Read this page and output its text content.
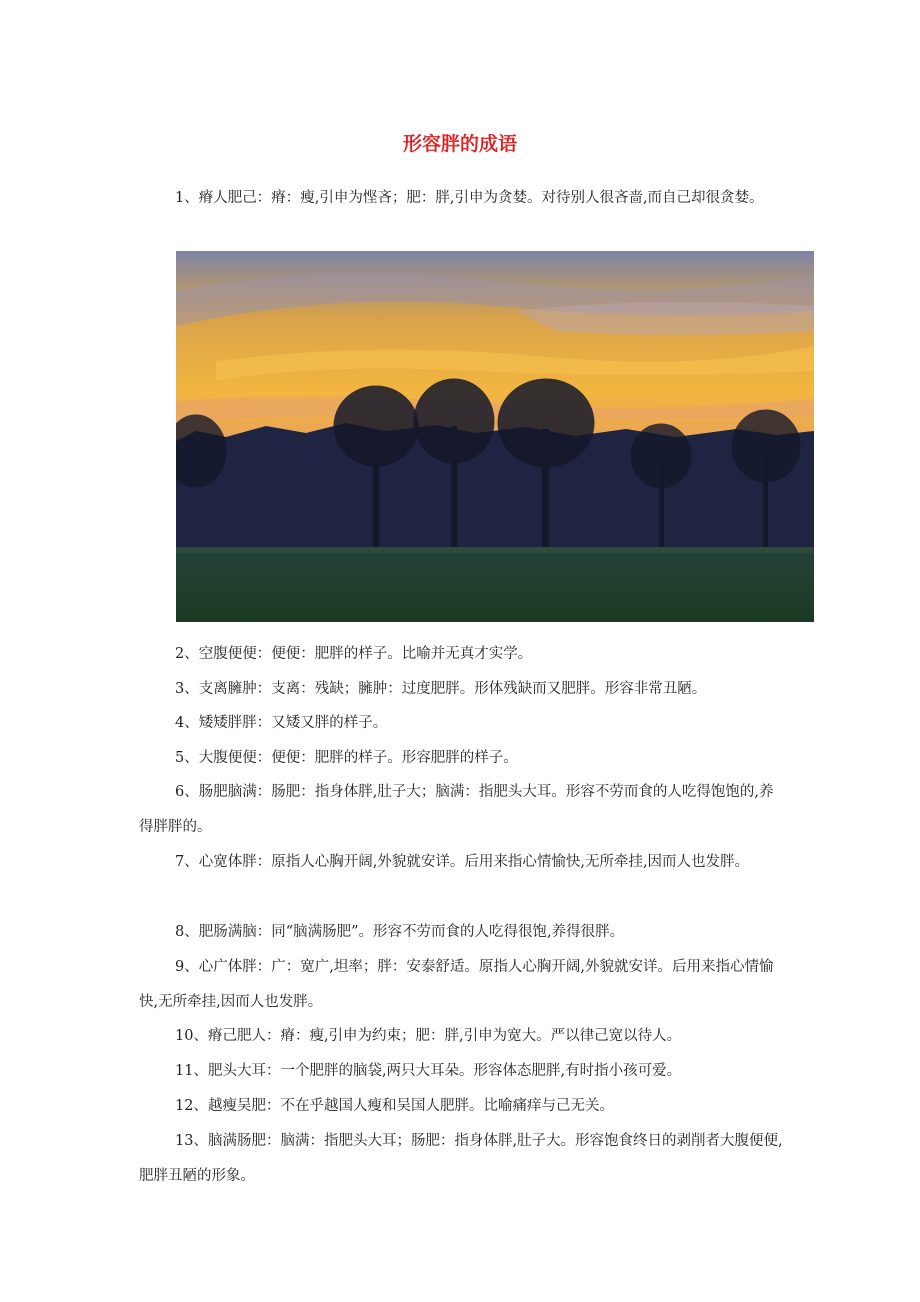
形容胖的成语

1、瘠人肥己：瘠：瘦,引申为悭吝；肥：胖,引申为贪婪。对待别人很吝啬,而自己却很贪婪。

2、空腹便便：便便：肥胖的样子。比喻并无真才实学。

3、支离臃肿：支离：残缺；臃肿：过度肥胖。形体残缺而又肥胖。形容非常丑陋。

4、矮矮胖胖：又矮又胖的样子。

5、大腹便便：便便：肥胖的样子。形容肥胖的样子。

6、肠肥脑满：肠肥：指身体胖,肚子大；脑满：指肥头大耳。形容不劳而食的人吃得饱饱的,养得胖胖的。

7、心宽体胖：原指人心胸开阔,外貌就安详。后用来指心情愉快,无所牵挂,因而人也发胖。

8、肥肠满脑：同“脑满肠肥”。形容不劳而食的人吃得很饱,养得很胖。

9、心广体胖：广：宽广,坦率；胖：安泰舒适。原指人心胸开阔,外貌就安详。后用来指心情愉快,无所牵挂,因而人也发胖。

10、瘠己肥人：瘠：瘦,引申为约束；肥：胖,引申为宽大。严以律己宽以待人。

11、肥头大耳：一个肥胖的脑袋,两只大耳朵。形容体态肥胖,有时指小孩可爱。

12、越瘦吴肥：不在乎越国人瘦和吴国人肥胖。比喻痛痒与己无关。

13、脑满肠肥：脑满：指肥头大耳；肠肥：指身体胖,肚子大。形容饱食终日的剥削者大腹便便,肥胖丑陋的形象。
